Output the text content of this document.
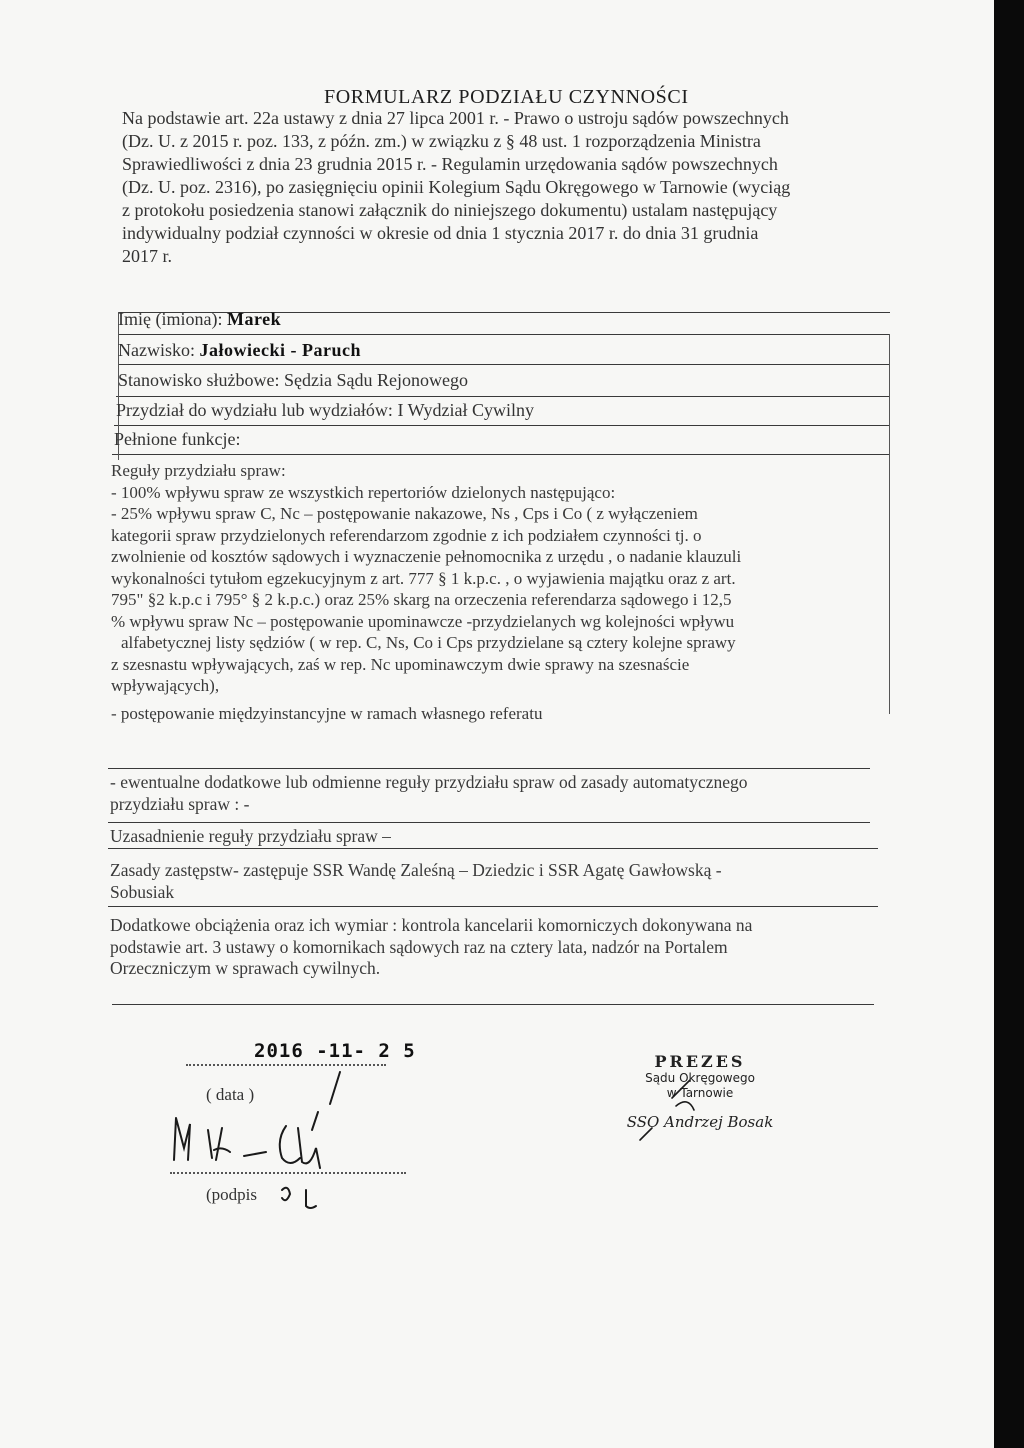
FORMULARZ PODZIAŁU CZYNNOŚCI
Na podstawie art. 22a ustawy z dnia 27 lipca 2001 r. - Prawo o ustroju sądów powszechnych
(Dz. U. z 2015 r. poz. 133, z późn. zm.) w związku z § 48 ust. 1 rozporządzenia Ministra
Sprawiedliwości z dnia 23 grudnia 2015 r. - Regulamin urzędowania sądów powszechnych
(Dz. U. poz. 2316), po zasięgnięciu opinii Kolegium Sądu Okręgowego w Tarnowie (wyciąg
z protokołu posiedzenia stanowi załącznik do niniejszego dokumentu) ustalam następujący
indywidualny podział czynności w okresie od dnia 1 stycznia 2017 r. do dnia 31 grudnia
2017 r.
Imię (imiona): Marek
Nazwisko: Jałowiecki - Paruch
Stanowisko służbowe: Sędzia Sądu Rejonowego
Przydział do wydziału lub wydziałów: I Wydział Cywilny
Pełnione funkcje:
Reguły przydziału spraw:
- 100% wpływu spraw ze wszystkich repertoriów dzielonych następująco:
- 25% wpływu spraw C, Nc – postępowanie nakazowe, Ns , Cps i Co ( z wyłączeniem
kategorii spraw przydzielonych referendarzom zgodnie z ich podziałem czynności tj. o
zwolnienie od kosztów sądowych i wyznaczenie pełnomocnika z urzędu , o nadanie klauzuli
wykonalności tytułom egzekucyjnym z art. 777 § 1 k.p.c. , o wyjawienia majątku oraz z art.
795" §2 k.p.c i 795° § 2 k.p.c.) oraz 25% skarg na orzeczenia referendarza sądowego i 12,5
% wpływu spraw Nc – postępowanie upominawcze -przydzielanych wg kolejności wpływu
alfabetycznej listy sędziów ( w rep. C, Ns, Co i Cps przydzielane są cztery kolejne sprawy
z szesnastu wpływających, zaś w rep. Nc upominawczym dwie sprawy na szesnaście
wpływających),
- postępowanie międzyinstancyjne w ramach własnego referatu
- ewentualne dodatkowe lub odmienne reguły przydziału spraw od zasady automatycznego
przydziału spraw : -
Uzasadnienie reguły przydziału spraw –
Zasady zastępstw- zastępuje SSR Wandę Zaleśną – Dziedzic i SSR Agatę Gawłowską -
Sobusiak
Dodatkowe obciążenia oraz ich wymiar : kontrola kancelarii komorniczych dokonywana na
podstawie art. 3 ustawy o komornikach sądowych raz na cztery lata, nadzór na Portalem
Orzeczniczym w sprawach cywilnych.
2016 -11- 2 5
( data )
(podpis
PREZES
Sądu Okręgowego
w Tarnowie
SSO Andrzej Bosak
